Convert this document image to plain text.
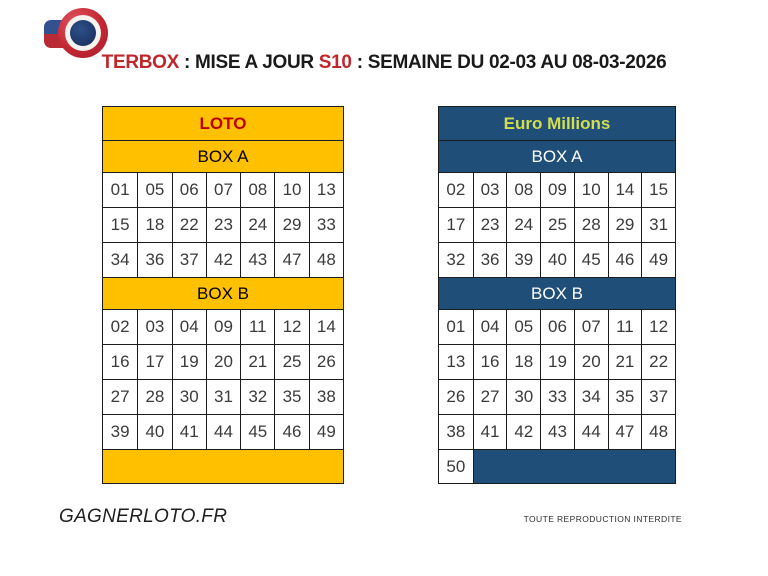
TERBOX : MISE A JOUR S10 : SEMAINE DU 02-03 AU 08-03-2026
LOTO
BOX A
01 05 06 07 08 10 13
15 18 22 23 24 29 33
34 36 37 42 43 47 48
BOX B
02 03 04 09 11 12 14
16 17 19 20 21 25 26
27 28 30 31 32 35 38
39 40 41 44 45 46 49
Euro Millions
BOX A
02 03 08 09 10 14 15
17 23 24 25 28 29 31
32 36 39 40 45 46 49
BOX B
01 04 05 06 07 11 12
13 16 18 19 20 21 22
26 27 30 33 34 35 37
38 41 42 43 44 47 48
50
GAGNERLOTO.FR	TOUTE REPRODUCTION INTERDITE
